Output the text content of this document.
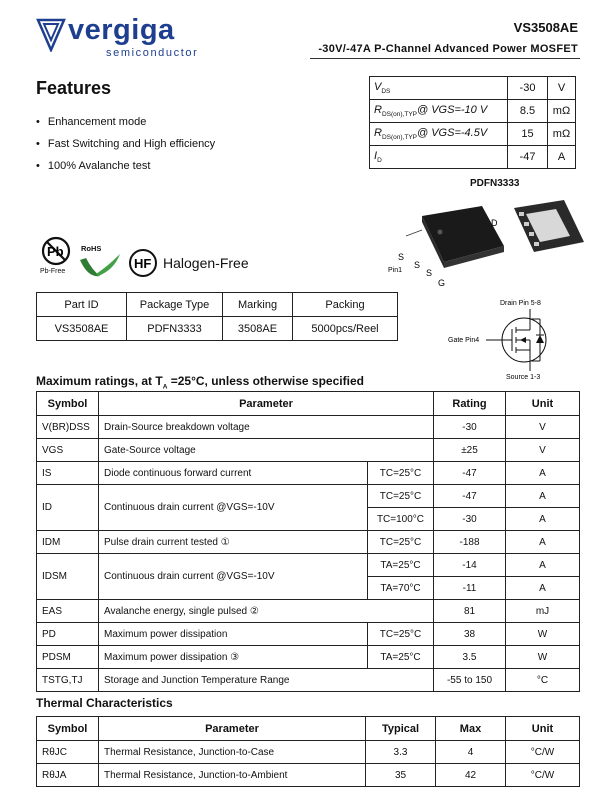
vergiga
semiconductor
VS3508AE
-30V/-47A P-Channel Advanced Power MOSFET
Features
• Enhancement mode
• Fast Switching and High efficiency
• 100% Avalanche test
$V_{DS}$	-30	V
$R_{DS(on),TYP}@$ VGS=-10 V	8.5	mΩ
$R_{DS(on),TYP}@$ VGS=-4.5V	15	mΩ
$I_D$	-47	A
PDFN3333
Pin1
D
S
S
S
G
Pb
Pb-Free
RoHS
HF Halogen-Free
Part ID	Package Type	Marking	Packing
VS3508AE	PDFN3333	3508AE	5000pcs/Reel
Drain Pin 5-8
Gate Pin4
Source 1-3
Maximum ratings, at $T_A =25^\circ C$, unless otherwise specified
Symbol	Parameter		Rating	Unit
V(BR)DSS	Drain-Source breakdown voltage		-30	V
VGS	Gate-Source voltage		±25	V
IS	Diode continuous forward current	TC=25°C	-47	A
ID	Continuous drain current @VGS=-10V	TC=25°C	-47	A
		TC=100°C	-30	A
IDM	Pulse drain current tested ①	TC=25°C	-188	A
IDSM	Continuous drain current @VGS=-10V	TA=25°C	-14	A
		TA=70°C	-11	A
EAS	Avalanche energy, single pulsed ②		81	mJ
PD	Maximum power dissipation	TC=25°C	38	W
PDSM	Maximum power dissipation ③	TA=25°C	3.5	W
TSTG,TJ	Storage and Junction Temperature Range		-55 to 150	°C
Thermal Characteristics
Symbol	Parameter	Typical	Max	Unit
RθJC	Thermal Resistance, Junction-to-Case	3.3	4	°C/W
RθJA	Thermal Resistance, Junction-to-Ambient	35	42	°C/W
